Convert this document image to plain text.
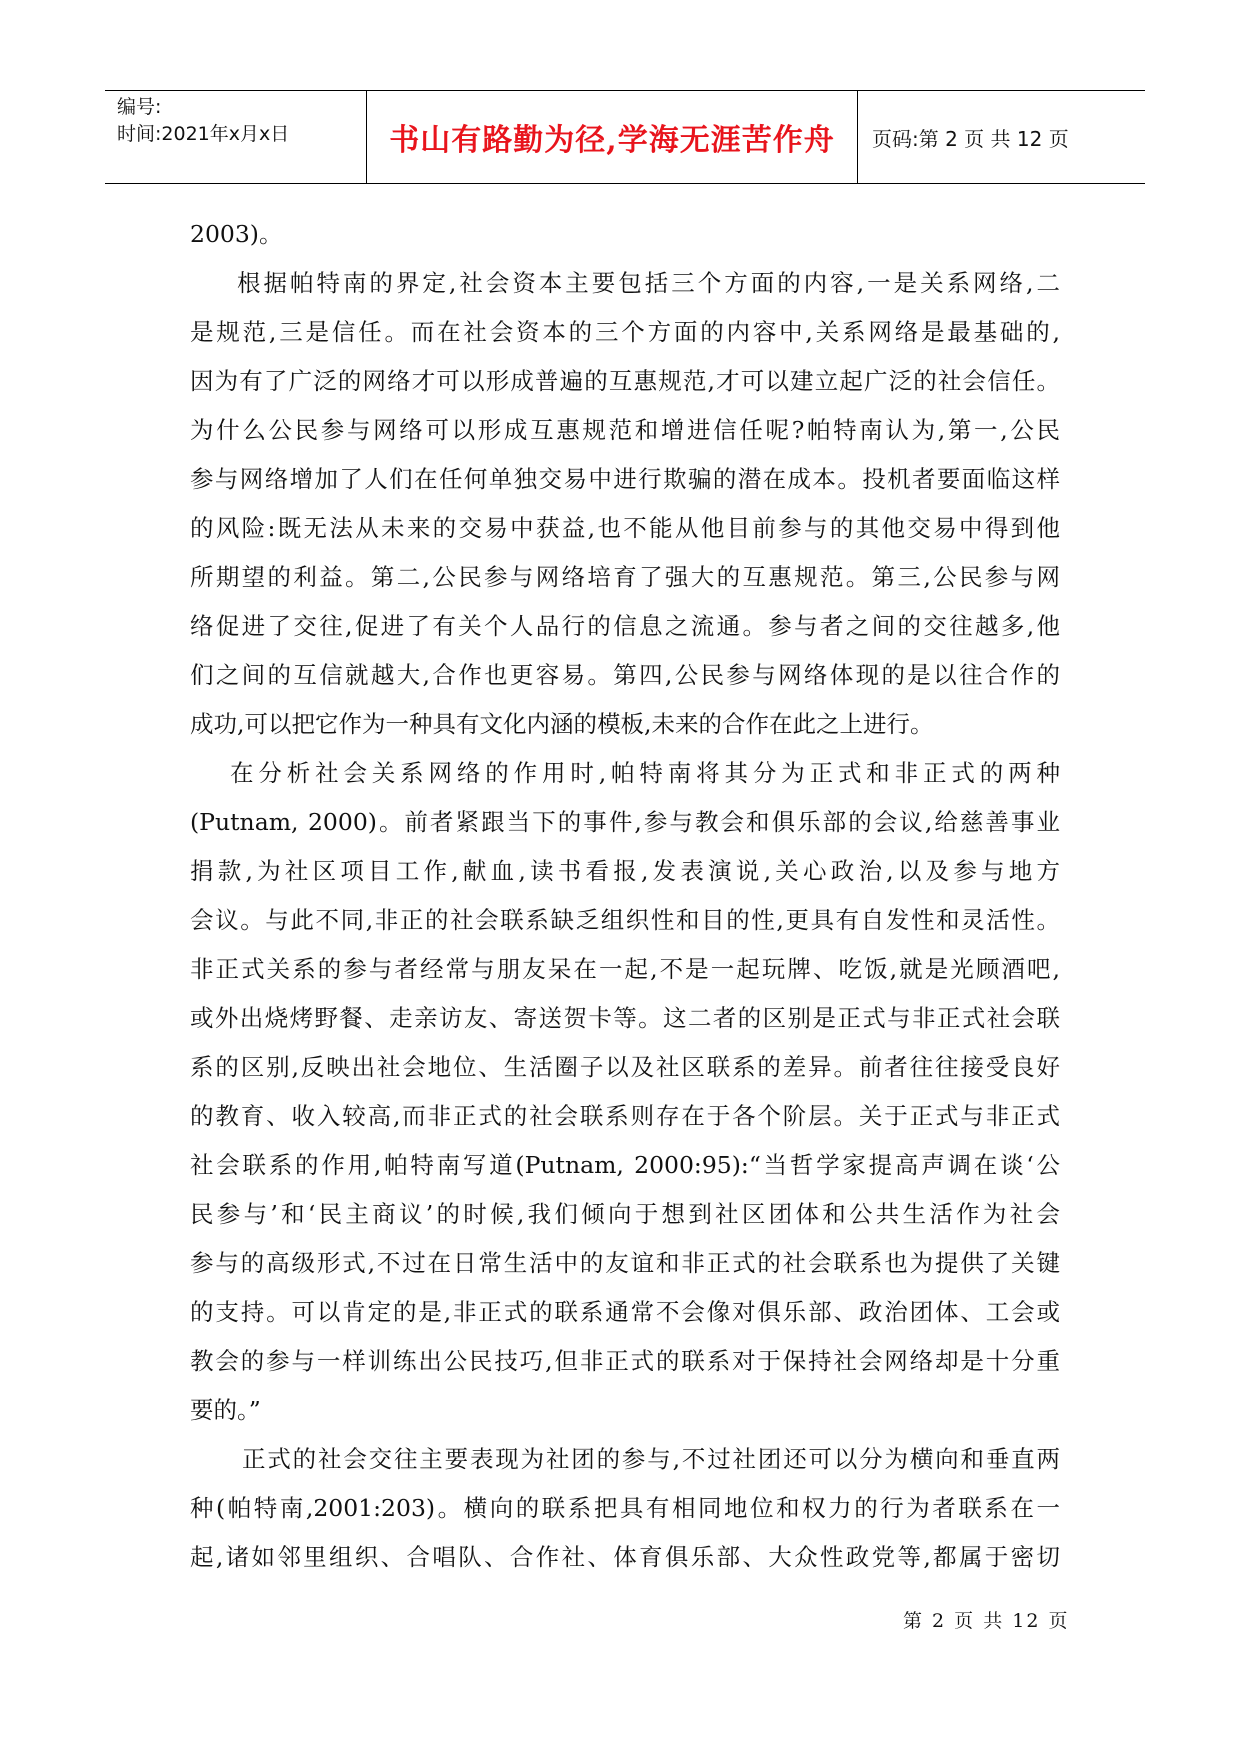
编号:
时间:2021年x月x日	书山有路勤为径,学海无涯苦作舟	页码:第 2 页 共 12 页
2003)。
根据帕特南的界定,社会资本主要包括三个方面的内容,一是关系网络,二
是规范,三是信任。而在社会资本的三个方面的内容中,关系网络是最基础的,
因为有了广泛的网络才可以形成普遍的互惠规范,才可以建立起广泛的社会信任。
为什么公民参与网络可以形成互惠规范和增进信任呢?帕特南认为,第一,公民
参与网络增加了人们在任何单独交易中进行欺骗的潜在成本。投机者要面临这样
的风险:既无法从未来的交易中获益,也不能从他目前参与的其他交易中得到他
所期望的利益。第二,公民参与网络培育了强大的互惠规范。第三,公民参与网
络促进了交往,促进了有关个人品行的信息之流通。参与者之间的交往越多,他
们之间的互信就越大,合作也更容易。第四,公民参与网络体现的是以往合作的
成功,可以把它作为一种具有文化内涵的模板,未来的合作在此之上进行。
在分析社会关系网络的作用时,帕特南将其分为正式和非正式的两种
(Putnam, 2000)。前者紧跟当下的事件,参与教会和俱乐部的会议,给慈善事业
捐款,为社区项目工作,献血,读书看报,发表演说,关心政治,以及参与地方
会议。与此不同,非正的社会联系缺乏组织性和目的性,更具有自发性和灵活性。
非正式关系的参与者经常与朋友呆在一起,不是一起玩牌、吃饭,就是光顾酒吧,
或外出烧烤野餐、走亲访友、寄送贺卡等。这二者的区别是正式与非正式社会联
系的区别,反映出社会地位、生活圈子以及社区联系的差异。前者往往接受良好
的教育、收入较高,而非正式的社会联系则存在于各个阶层。关于正式与非正式
社会联系的作用,帕特南写道(Putnam, 2000:95):“当哲学家提高声调在谈‘公
民参与’和‘民主商议’的时候,我们倾向于想到社区团体和公共生活作为社会
参与的高级形式,不过在日常生活中的友谊和非正式的社会联系也为提供了关键
的支持。可以肯定的是,非正式的联系通常不会像对俱乐部、政治团体、工会或
教会的参与一样训练出公民技巧,但非正式的联系对于保持社会网络却是十分重
要的。”
正式的社会交往主要表现为社团的参与,不过社团还可以分为横向和垂直两
种(帕特南,2001:203)。横向的联系把具有相同地位和权力的行为者联系在一
起,诸如邻里组织、合唱队、合作社、体育俱乐部、大众性政党等,都属于密切
第 2 页 共 12 页
